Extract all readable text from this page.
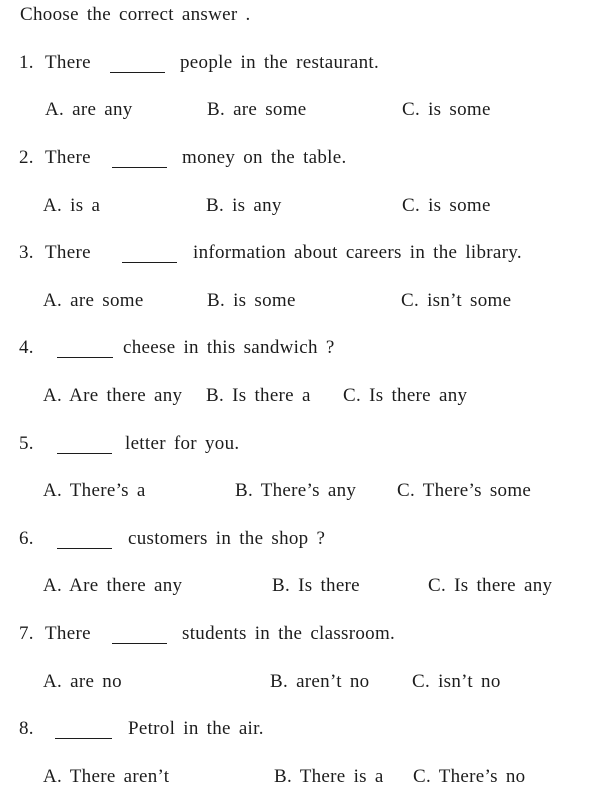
Choose the correct answer .
1. There	people in the restaurant.
A. are any	B. are some	C. is some
2. There	money on the table.
A. is a	B. is any	C. is some
3. There	information about careers in the library.
A. are some	B. is some	C. isn’t some
4.	cheese in this sandwich ?
A. Are there any B. Is there a C. Is there any
5.	letter for you.
A. There’s a	B. There’s any C. There’s some
6.	customers in the shop ?
A. Are there any	B. Is there	C. Is there any
7. There	students in the classroom.
A. are no	B. aren’t no C. isn’t no
8.	Petrol in the air.
A. There aren’t	B. There is a C. There’s no
